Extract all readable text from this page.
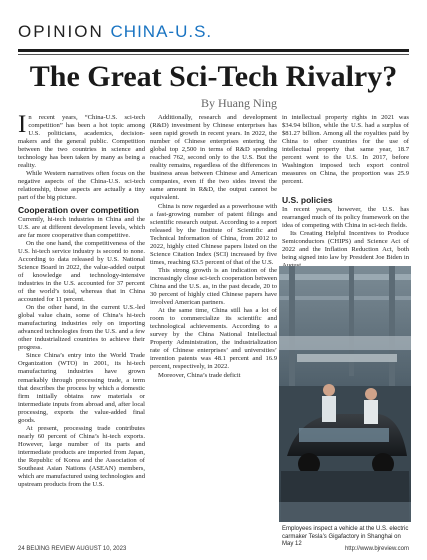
OPINION CHINA-U.S.
The Great Sci-Tech Rivalry?
By Huang Ning

In recent years, “China-U.S. sci-tech competition” has been a hot topic among U.S. politicians, academics, decision-makers and the general public. Competition between the two countries in science and technology has been taken by many as being a reality.

While Western narratives often focus on the negative aspects of the China-U.S. sci-tech relationship, those aspects are actually a tiny part of the big picture.

Cooperation over competition

Currently, hi-tech industries in China and the U.S. are at different development levels, which are far more cooperative than competitive.

On the one hand, the competitiveness of the U.S. hi-tech service industry is second to none. According to data released by U.S. National Science Board in 2022, the value-added output of knowledge and technology-intensive industries in the U.S. accounted for 37 percent of the world’s total, whereas that in China accounted for 11 percent.

On the other hand, in the current U.S.-led global value chain, some of China’s hi-tech manufacturing industries rely on importing advanced technologies from the U.S. and a few other industrialized countries to achieve their progress.

Since China’s entry into the World Trade Organization (WTO) in 2001, its hi-tech manufacturing industries have grown remarkably through processing trade, a term that describes the process by which a domestic firm initially obtains raw materials or intermediate inputs from abroad and, after local processing, exports the value-added final goods.

At present, processing trade contributes nearly 60 percent of China’s hi-tech exports. However, large number of its parts and intermediate products are imported from Japan, the Republic of Korea and the Association of Southeast Asian Nations (ASEAN) members, which are manufactured using technologies and upstream products from the U.S.

Additionally, research and development (R&D) investment by Chinese enterprises has seen rapid growth in recent years. In 2022, the number of Chinese enterprises entering the global top 2,500 in terms of R&D spending reached 762, second only to the U.S. But the reality remains, regardless of the differences in business areas between Chinese and American companies, even if the two sides invest the same amount in R&D, the output cannot be equivalent.

China is now regarded as a powerhouse with a fast-growing number of patent filings and scientific research output. According to a report released by the Institute of Scientific and Technical Information of China, from 2012 to 2022, highly cited Chinese papers listed on the Science Citation Index (SCI) increased by five times, reaching 63.5 percent of that of the U.S.

This strong growth is an indication of the increasingly close sci-tech cooperation between China and the U.S. as, in the past decade, 20 to 30 percent of highly cited Chinese papers have involved American partners.

At the same time, China still has a lot of room to commercialize its scientific and technological achievements. According to a survey by the China National Intellectual Property Administration, the industrialization rate of Chinese enterprises’ and universities’ invention patents was 48.1 percent and 16.9 percent, respectively, in 2022.

Moreover, China’s trade deficit

in intellectual property rights in 2021 was $34.94 billion, while the U.S. had a surplus of $81.27 billion. Among all the royalties paid by China to other countries for the use of intellectual property that same year, 18.7 percent went to the U.S. In 2017, before Washington imposed tech export control measures on China, the proportion was 25.9 percent.

U.S. policies

In recent years, however, the U.S. has rearranged much of its policy framework on the idea of competing with China in sci-tech fields.

Its Creating Helpful Incentives to Produce Semiconductors (CHIPS) and Science Act of 2022 and the Inflation Reduction Act, both being signed into law by President Joe Biden in

Employees inspect a vehicle at the U.S. electric carmaker Tesla’s Gigafactory in Shanghai on May 12
24 BEIJING REVIEW AUGUST 10, 2023	http://www.bjreview.com
